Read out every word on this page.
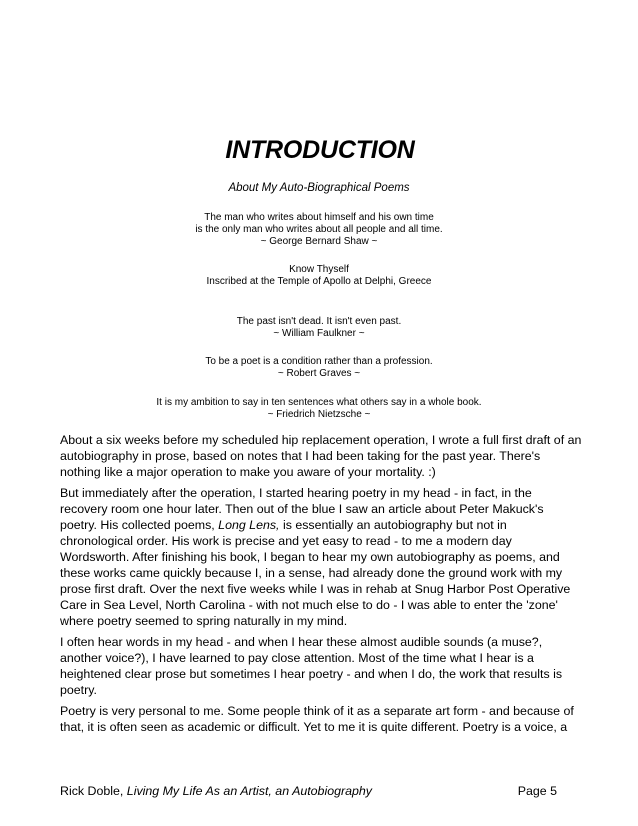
INTRODUCTION
About My Auto-Biographical Poems
The man who writes about himself and his own time
is the only man who writes about all people and all time.
~ George Bernard Shaw ~
Know Thyself
Inscribed at the Temple of Apollo at Delphi, Greece
The past isn't dead. It isn't even past.
~ William Faulkner ~
To be a poet is a condition rather than a profession.
~ Robert Graves ~
It is my ambition to say in ten sentences what others say in a whole book.
~ Friedrich Nietzsche ~

About a six weeks before my scheduled hip replacement operation, I wrote a full first draft of an autobiography in prose, based on notes that I had been taking for the past year. There's nothing like a major operation to make you aware of your mortality. :)

But immediately after the operation, I started hearing poetry in my head - in fact, in the recovery room one hour later. Then out of the blue I saw an article about Peter Makuck's poetry. His collected poems, Long Lens, is essentially an autobiography but not in chronological order. His work is precise and yet easy to read - to me a modern day Wordsworth. After finishing his book, I began to hear my own autobiography as poems, and these works came quickly because I, in a sense, had already done the ground work with my prose first draft. Over the next five weeks while I was in rehab at Snug Harbor Post Operative Care in Sea Level, North Carolina - with not much else to do - I was able to enter the 'zone' where poetry seemed to spring naturally in my mind.

I often hear words in my head - and when I hear these almost audible sounds (a muse?, another voice?), I have learned to pay close attention. Most of the time what I hear is a heightened clear prose but sometimes I hear poetry - and when I do, the work that results is poetry.

Poetry is very personal to me. Some people think of it as a separate art form - and because of that, it is often seen as academic or difficult. Yet to me it is quite different. Poetry is a voice, a

Rick Doble, Living My Life As an Artist, an Autobiography	Page 5
